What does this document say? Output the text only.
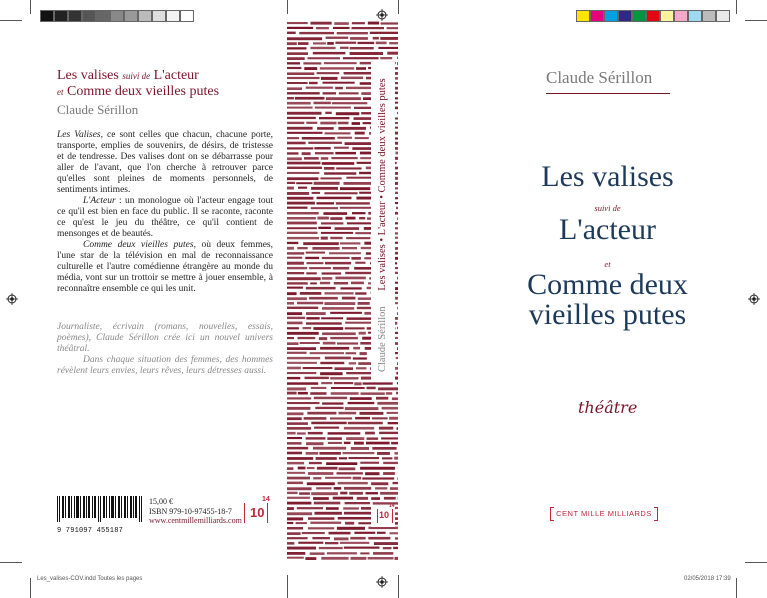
Les valises suivi de L'acteur
et Comme deux vieilles putes
Claude Sérillon

Les Valises, ce sont celles que chacun, chacune porte, transporte, emplies de souvenirs, de désirs, de tristesse et de tendresse. Des valises dont on se débarrasse pour aller de l'avant, que l'on cherche à retrouver parce qu'elles sont pleines de moments personnels, de sentiments intimes.

L'Acteur : un monologue où l'acteur engage tout ce qu'il est bien en face du public. Il se raconte, raconte ce qu'est le jeu du théâtre, ce qu'il contient de mensonges et de beautés.

Comme deux vieilles putes, où deux femmes, l'une star de la télévision en mal de reconnaissance culturelle et l'autre comédienne étrangère au monde du média, vont sur un trottoir se mettre à jouer ensemble, à reconnaître ensemble ce qui les unit.

Journaliste, écrivain (romans, nouvelles, essais, poèmes), Claude Sérillon crée ici un nouvel univers théâtral.

Dans chaque situation des femmes, des hommes révèlent leurs envies, leurs rêves, leurs détresses aussi.

9 791097 455187
15,00 €
ISBN 979-10-97455-18-7
www.centmillemilliards.com
10
14
Claude Sérillon      Les valises • L'acteur • Comme deux vieilles putes
10
14
Claude Sérillon
Les valises
suivi de
L'acteur
et
Comme deux
vieilles putes
théâtre
CENT MILLE MILLIARDS
Les_valises-COV.indd Toutes les pages	02/05/2018 17:39
